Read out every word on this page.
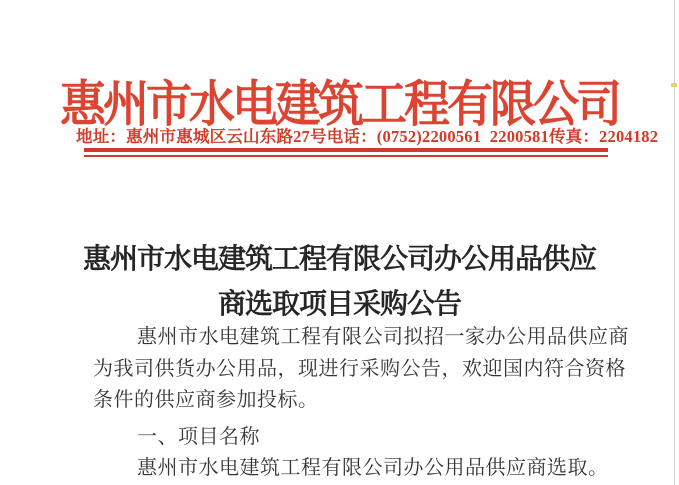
惠州市水电建筑工程有限公司
地址：惠州市惠城区云山东路27号 电话：(0752)2200561  2200581 传真：2204182
惠州市水电建筑工程有限公司办公用品供应
商选取项目采购公告
惠州市水电建筑工程有限公司拟招一家办公用品供应商
为我司供货办公用品，现进行采购公告，欢迎国内符合资格
条件的供应商参加投标。
一、项目名称
惠州市水电建筑工程有限公司办公用品供应商选取。
